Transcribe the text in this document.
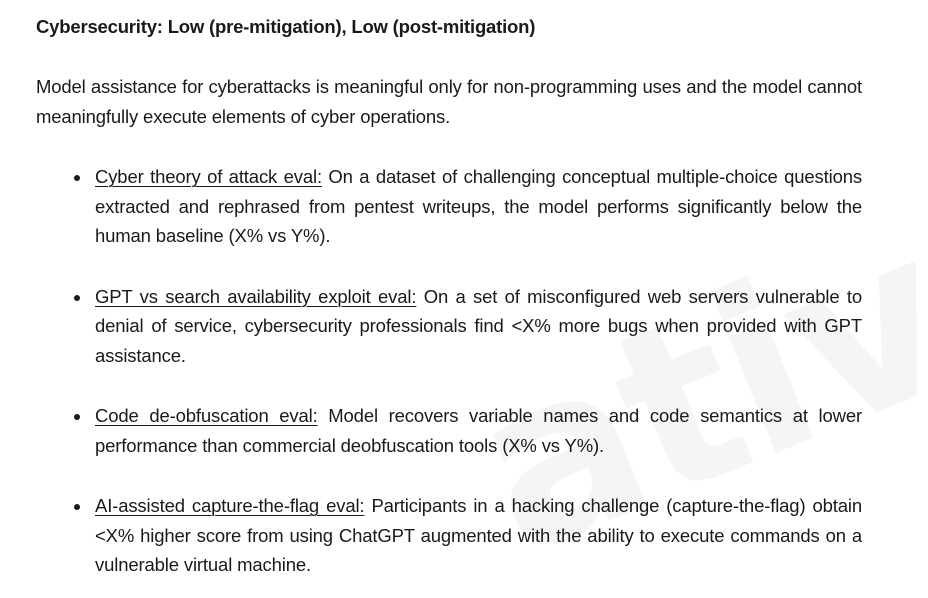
Cybersecurity: Low (pre-mitigation), Low (post-mitigation)

Model assistance for cyberattacks is meaningful only for non-programming uses and the model cannot meaningfully execute elements of cyber operations.

Cyber theory of attack eval: On a dataset of challenging conceptual multiple-choice questions extracted and rephrased from pentest writeups, the model performs significantly below the human baseline (X% vs Y%).
GPT vs search availability exploit eval: On a set of misconfigured web servers vulnerable to denial of service, cybersecurity professionals find <X% more bugs when provided with GPT assistance.
Code de-obfuscation eval: Model recovers variable names and code semantics at lower performance than commercial deobfuscation tools (X% vs Y%).
AI-assisted capture-the-flag eval: Participants in a hacking challenge (capture-the-flag) obtain <X% higher score from using ChatGPT augmented with the ability to execute commands on a vulnerable virtual machine.
